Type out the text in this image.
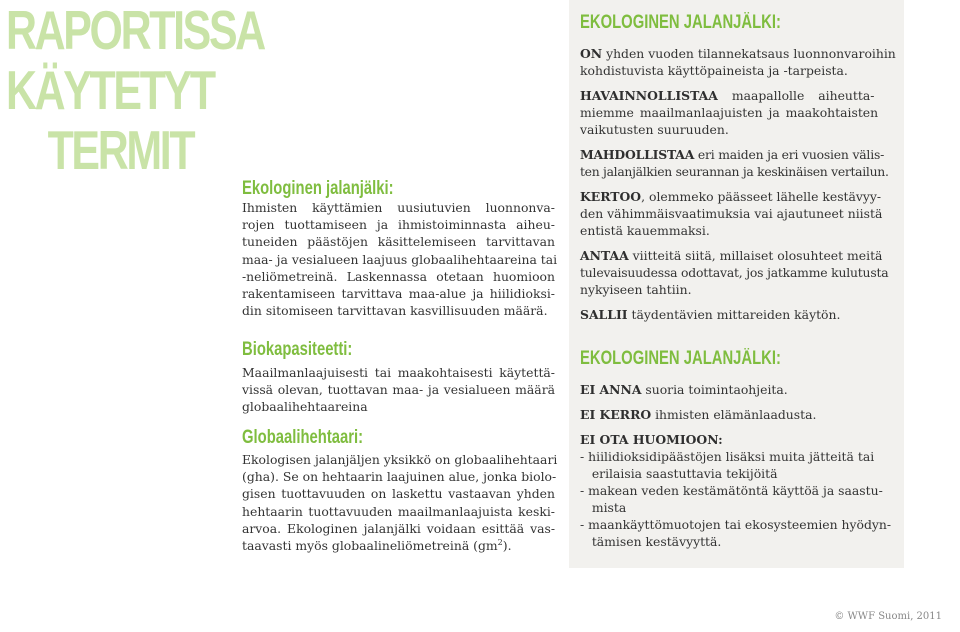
RAPORTISSA
KÄYTETYT
TERMIT
Ekologinen jalanjälki:
Ihmisten käyttämien uusiutuvien luonnonva-
rojen tuottamiseen ja ihmistoiminnasta aiheu-
tuneiden päästöjen käsittelemiseen tarvittavan
maa- ja vesialueen laajuus globaalihehtaareina tai
-neliömetreinä. Laskennassa otetaan huomioon
rakentamiseen tarvittava maa-alue ja hiilidioksi-
din sitomiseen tarvittavan kasvillisuuden määrä.
Biokapasiteetti:
Maailmanlaajuisesti tai maakohtaisesti käytettä-
vissä olevan, tuottavan maa- ja vesialueen määrä
globaalihehtaareina
Globaalihehtaari:
Ekologisen jalanjäljen yksikkö on globaalihehtaari
(gha). Se on hehtaarin laajuinen alue, jonka biolo-
gisen tuottavuuden on laskettu vastaavan yhden
hehtaarin tuottavuuden maailmanlaajuista keski-
arvoa. Ekologinen jalanjälki voidaan esittää vas-
taavasti myös globaalineliömetreinä $(gm^2)$.
EKOLOGINEN JALANJÄLKI:

ON yhden vuoden tilannekatsaus luonnonvaroihin
kohdistuvista käyttöpaineista ja -tarpeista.

HAVAINNOLLISTAA maapallolle aiheutta-
miemme maailmanlaajuisten ja maakohtaisten
vaikutusten suuruuden.

MAHDOLLISTAA eri maiden ja eri vuosien välis-
ten jalanjälkien seurannan ja keskinäisen vertailun.

KERTOO, olemmeko päässeet lähelle kestävyy-
den vähimmäisvaatimuksia vai ajautuneet niistä
entistä kauemmaksi.

ANTAA viitteitä siitä, millaiset olosuhteet meitä
tulevaisuudessa odottavat, jos jatkamme kulutusta
nykyiseen tahtiin.

SALLII täydentävien mittareiden käytön.

EKOLOGINEN JALANJÄLKI:

EI ANNA suoria toimintaohjeita.

EI KERRO ihmisten elämänlaadusta.

EI OTA HUOMIOON:
- hiilidioksidipäästöjen lisäksi muita jätteitä tai
erilaisia saastuttavia tekijöitä
- makean veden kestämätöntä käyttöä ja saastu-
mista
- maankäyttömuotojen tai ekosysteemien hyödyn-
tämisen kestävyyttä.

© WWF Suomi, 2011
